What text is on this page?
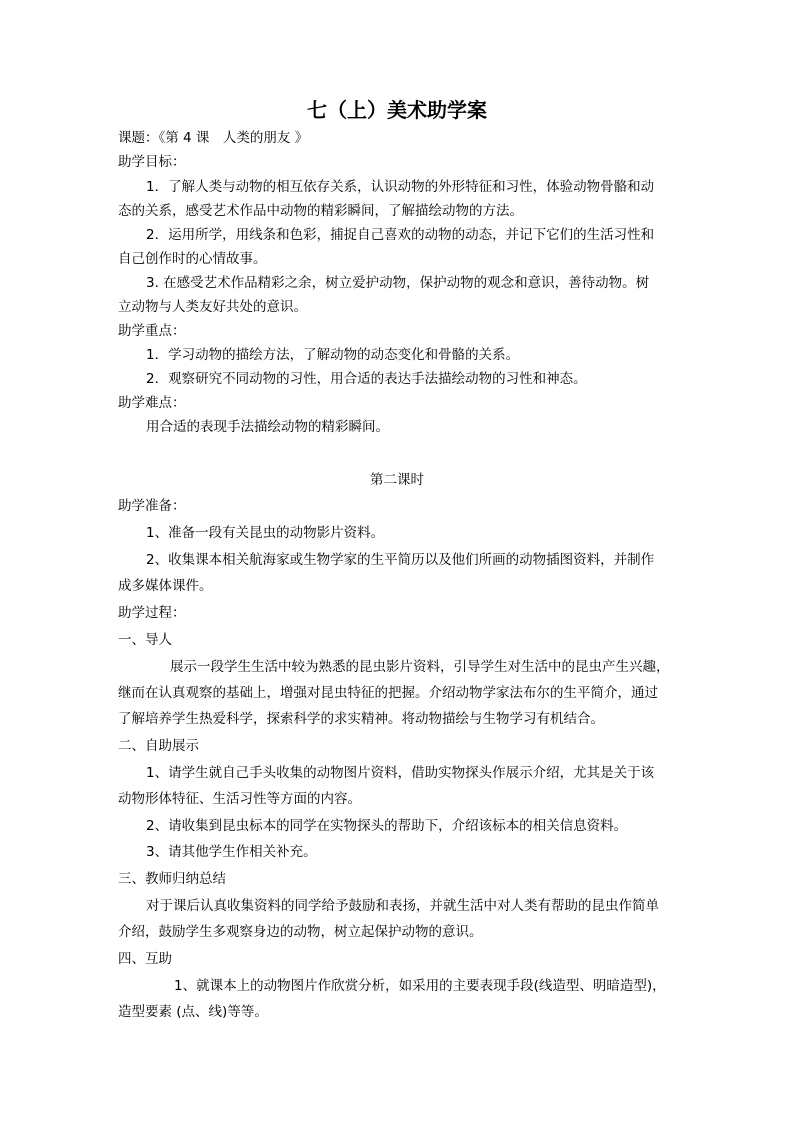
七（上）美术助学案
课题：《第 4 课　人类的朋友 》
助学目标：
1．了解人类与动物的相互依存关系，认识动物的外形特征和习性，体验动物骨骼和动
态的关系，感受艺术作品中动物的精彩瞬间，了解描绘动物的方法。
2．运用所学，用线条和色彩，捕捉自己喜欢的动物的动态，并记下它们的生活习性和
自己创作时的心情故事。
3. 在感受艺术作品精彩之余，树立爱护动物，保护动物的观念和意识，善待动物。树
立动物与人类友好共处的意识。
助学重点：
1．学习动物的描绘方法，了解动物的动态变化和骨骼的关系。
2．观察研究不同动物的习性，用合适的表达手法描绘动物的习性和神态。
助学难点：
用合适的表现手法描绘动物的精彩瞬间。
第二课时
助学准备：
1、准备一段有关昆虫的动物影片资料。
2、收集课本相关航海家或生物学家的生平简历以及他们所画的动物插图资料，并制作
成多媒体课件。
助学过程：
一、导人
展示一段学生生活中较为熟悉的昆虫影片资料，引导学生对生活中的昆虫产生兴趣，
继而在认真观察的基础上，增强对昆虫特征的把握。介绍动物学家法布尔的生平简介，通过
了解培养学生热爱科学，探索科学的求实精神。将动物描绘与生物学习有机结合。
二、自助展示
1、请学生就自己手头收集的动物图片资料，借助实物探头作展示介绍，尤其是关于该
动物形体特征、生活习性等方面的内容。
2、请收集到昆虫标本的同学在实物探头的帮助下，介绍该标本的相关信息资料。
3、请其他学生作相关补充。
三、教师归纳总结
对于课后认真收集资料的同学给予鼓励和表扬，并就生活中对人类有帮助的昆虫作简单
介绍，鼓励学生多观察身边的动物，树立起保护动物的意识。
四、互助
1、就课本上的动物图片作欣赏分析，如采用的主要表现手段(线造型、明暗造型)，
造型要素 (点、线)等等。
